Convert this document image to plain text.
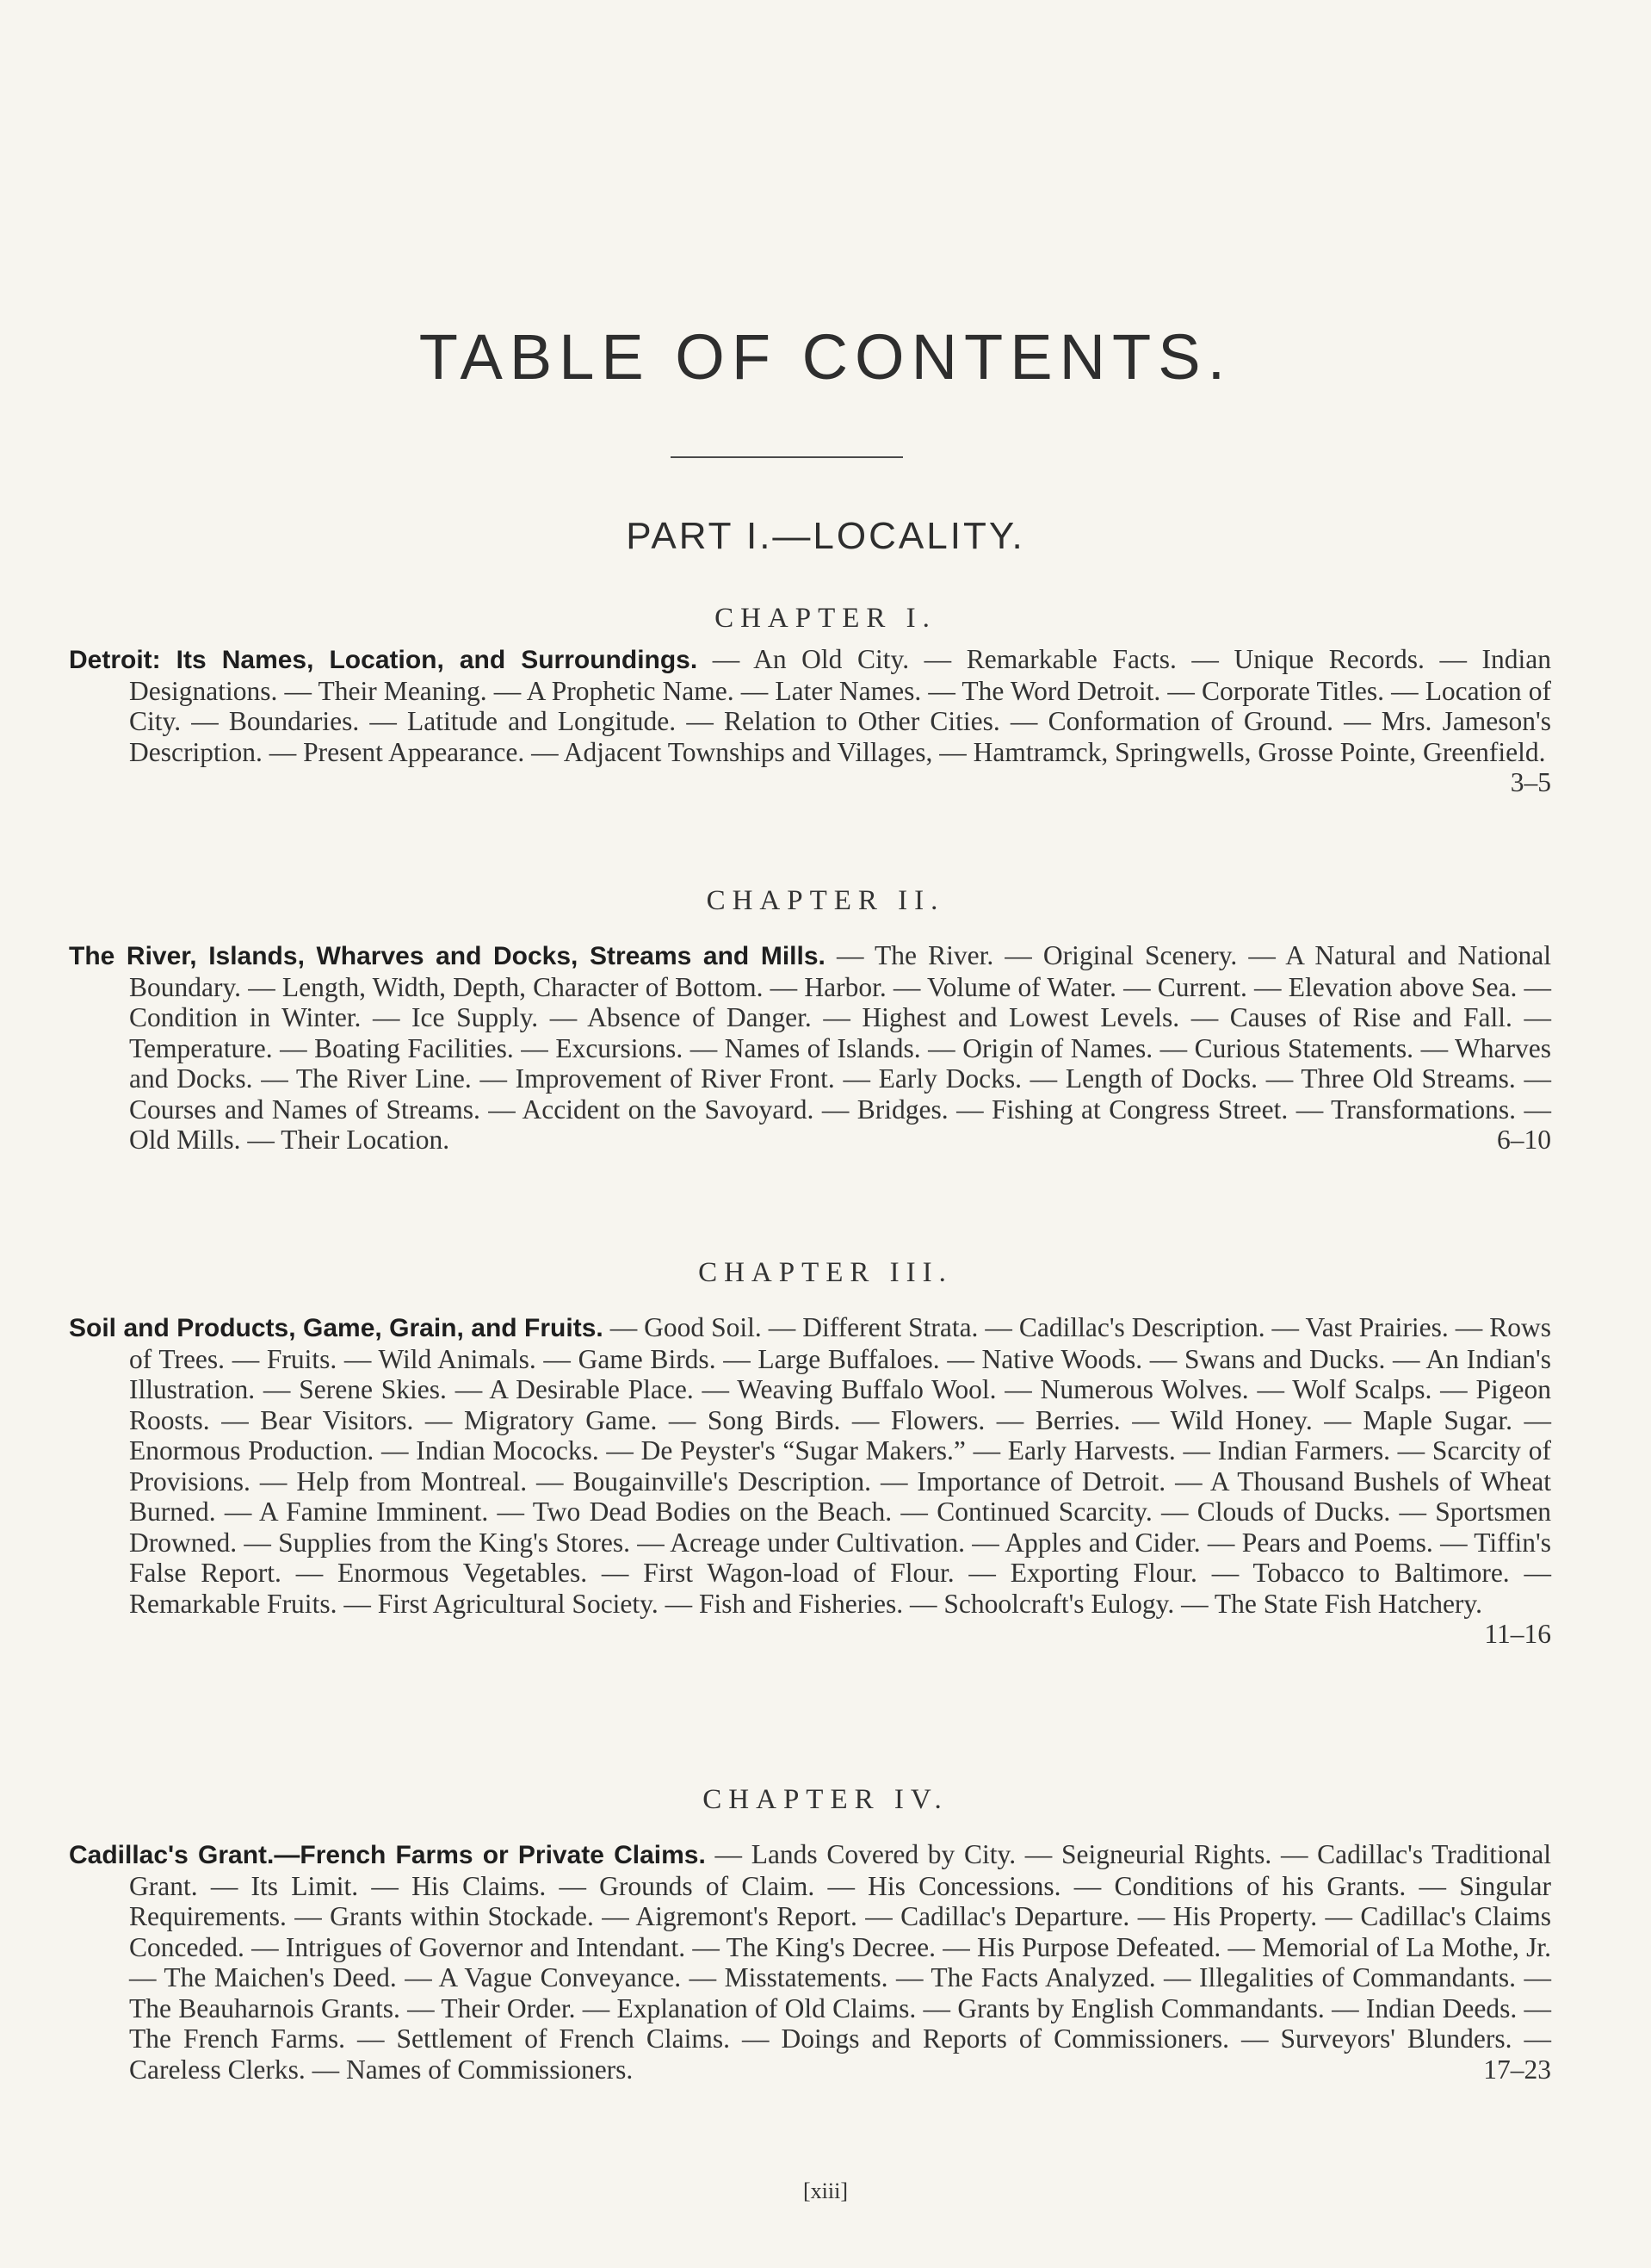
TABLE OF CONTENTS.
PART I.—LOCALITY.
CHAPTER I.

Detroit: Its Names, Location, and Surroundings. — An Old City. — Remarkable Facts. — Unique Records. — Indian Designations. — Their Meaning. — A Prophetic Name. — Later Names. — The Word Detroit. — Corporate Titles. — Location of City. — Boundaries. — Latitude and Longitude. — Relation to Other Cities. — Conformation of Ground. — Mrs. Jameson's Description. — Present Appearance. — Adjacent Townships and Villages, — Hamtramck, Springwells, Grosse Pointe, Greenfield.
3–5

CHAPTER II.

The River, Islands, Wharves and Docks, Streams and Mills. — The River. — Original Scenery. — A Natural and National Boundary. — Length, Width, Depth, Character of Bottom. — Harbor. — Volume of Water. — Current. — Elevation above Sea. — Condition in Winter. — Ice Supply. — Absence of Danger. — Highest and Lowest Levels. — Causes of Rise and Fall. — Temperature. — Boating Facilities. — Excursions. — Names of Islands. — Origin of Names. — Curious Statements. — Wharves and Docks. — The River Line. — Improvement of River Front. — Early Docks. — Length of Docks. — Three Old Streams. — Courses and Names of Streams. — Accident on the Savoyard. — Bridges. — Fishing at Congress Street. — Transformations. — Old Mills. — Their Location.	6–10

CHAPTER III.

Soil and Products, Game, Grain, and Fruits. — Good Soil. — Different Strata. — Cadillac's Description. — Vast Prairies. — Rows of Trees. — Fruits. — Wild Animals. — Game Birds. — Large Buffaloes. — Native Woods. — Swans and Ducks. — An Indian's Illustration. — Serene Skies. — A Desirable Place. — Weaving Buffalo Wool. — Numerous Wolves. — Wolf Scalps. — Pigeon Roosts. — Bear Visitors. — Migratory Game. — Song Birds. — Flowers. — Berries. — Wild Honey. — Maple Sugar. — Enormous Production. — Indian Mococks. — De Peyster's “Sugar Makers.” — Early Harvests. — Indian Farmers. — Scarcity of Provisions. — Help from Montreal. — Bougainville's Description. — Importance of Detroit. — A Thousand Bushels of Wheat Burned. — A Famine Imminent. — Two Dead Bodies on the Beach. — Continued Scarcity. — Clouds of Ducks. — Sportsmen Drowned. — Supplies from the King's Stores. — Acreage under Cultivation. — Apples and Cider. — Pears and Poems. — Tiffin's False Report. — Enormous Vegetables. — First Wagon-load of Flour. — Exporting Flour. — Tobacco to Baltimore. — Remarkable Fruits. — First Agricultural Society. — Fish and Fisheries. — Schoolcraft's Eulogy. — The State Fish Hatchery.
11–16

CHAPTER IV.

Cadillac's Grant.—French Farms or Private Claims. — Lands Covered by City. — Seigneurial Rights. — Cadillac's Traditional Grant. — Its Limit. — His Claims. — Grounds of Claim. — His Concessions. — Conditions of his Grants. — Singular Requirements. — Grants within Stockade. — Aigremont's Report. — Cadillac's Departure. — His Property. — Cadillac's Claims Conceded. — Intrigues of Governor and Intendant. — The King's Decree. — His Purpose Defeated. — Memorial of La Mothe, Jr. — The Maichen's Deed. — A Vague Conveyance. — Misstatements. — The Facts Analyzed. — Illegalities of Commandants. — The Beauharnois Grants. — Their Order. — Explanation of Old Claims. — Grants by English Commandants. — Indian Deeds. — The French Farms. — Settlement of French Claims. — Doings and Reports of Commissioners. — Surveyors' Blunders. — Careless Clerks. — Names of Commissioners.	17–23

[xiii]
